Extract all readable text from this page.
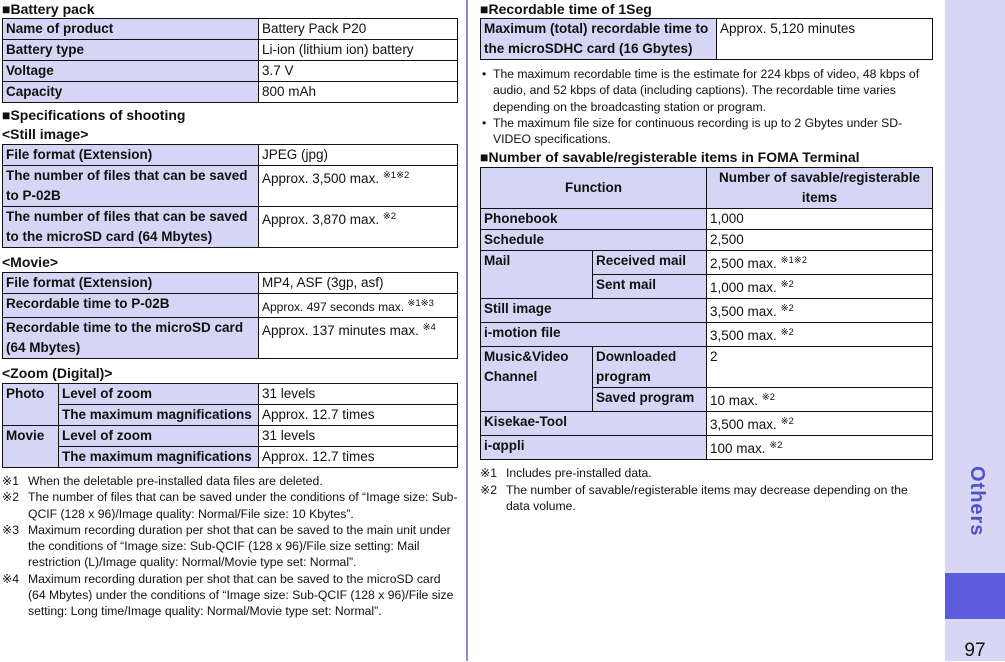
Others
97
■Battery pack
Name of product	Battery Pack P20
Battery type	Li-ion (lithium ion) battery
Voltage	3.7 V
Capacity	800 mAh
■Specifications of shooting
<Still image>
File format (Extension)	JPEG (jpg)
The number of files that can be saved to P-02B	Approx. 3,500 max. $^{※1※2}$
The number of files that can be saved to the microSD card (64 Mbytes)	Approx. 3,870 max. $^{※2}$
<Movie>
File format (Extension)	MP4, ASF (3gp, asf)
Recordable time to P-02B	Approx. 497 seconds max. $^{※1※3}$
Recordable time to the microSD card (64 Mbytes)	Approx. 137 minutes max. $^{※4}$
<Zoom (Digital)>
Photo	Level of zoom	31 levels
	The maximum magnifications	Approx. 12.7 times
Movie	Level of zoom	31 levels
	The maximum magnifications	Approx. 12.7 times
※1 When the deletable pre-installed data files are deleted.
※2 The number of files that can be saved under the conditions of “Image size: Sub-QCIF (128 x 96)/Image quality: Normal/File size: 10 Kbytes”.
※3 Maximum recording duration per shot that can be saved to the main unit under the conditions of “Image size: Sub-QCIF (128 x 96)/File size setting: Mail restriction (L)/Image quality: Normal/Movie type set: Normal”.
※4 Maximum recording duration per shot that can be saved to the microSD card (64 Mbytes) under the conditions of “Image size: Sub-QCIF (128 x 96)/File size setting: Long time/Image quality: Normal/Movie type set: Normal”.
■Recordable time of 1Seg
Maximum (total) recordable time to the microSDHC card (16 Gbytes)	Approx. 5,120 minutes
• The maximum recordable time is the estimate for 224 kbps of video, 48 kbps of audio, and 52 kbps of data (including captions). The recordable time varies depending on the broadcasting station or program.
• The maximum file size for continuous recording is up to 2 Gbytes under SD-VIDEO specifications.
■Number of savable/registerable items in FOMA Terminal
Function		Number of savable/registerable items
Phonebook		1,000
Schedule		2,500
Mail	Received mail	2,500 max. $^{※1※2}$
	Sent mail	1,000 max. $^{※2}$
Still image		3,500 max. $^{※2}$
i-motion file		3,500 max. $^{※2}$
Music&Video Channel	Downloaded program	2
	Saved program	10 max. $^{※2}$
Kisekae-Tool		3,500 max. $^{※2}$
i-αppli		100 max. $^{※2}$
※1 Includes pre-installed data.
※2 The number of savable/registerable items may decrease depending on the data volume.
